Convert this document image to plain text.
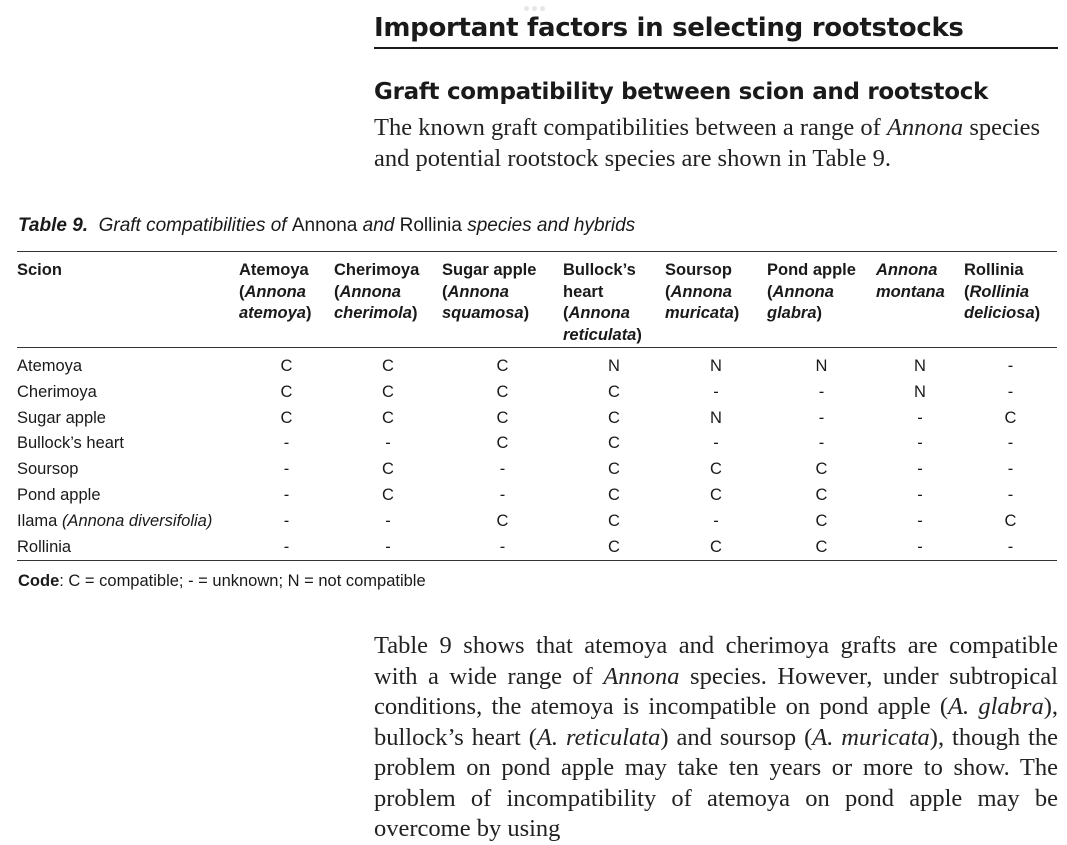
Important factors in selecting rootstocks
Graft compatibility between scion and rootstock

The known graft compatibilities between a range of Annona species and potential rootstock species are shown in Table 9.

Table 9. Graft compatibilities of Annona and Rollinia species and hybrids

Scion	Atemoya (Annona atemoya)	Cherimoya (Annona cherimola)	Sugar apple (Annona squamosa)	Bullock’s heart (Annona reticulata)	Soursop (Annona muricata)	Pond apple (Annona glabra)	Annona montana	Rollinia (Rollinia deliciosa)

Atemoya	C	C	C	N	N	N	N	-
Cherimoya	C	C	C	C	-	-	N	-
Sugar apple	C	C	C	C	N	-	-	C
Bullock’s heart	-	-	C	C	-	-	-	-
Soursop	-	C	-	C	C	C	-	-
Pond apple	-	C	-	C	C	C	-	-
Ilama (Annona diversifolia)	-	-	C	C	-	C	-	C
Rollinia	-	-	-	C	C	C	-	-

Code: C = compatible; - = unknown; N = not compatible

Table 9 shows that atemoya and cherimoya grafts are compatible with a wide range of Annona species. However, under subtropical conditions, the atemoya is incompatible on pond apple (A. glabra), bullock’s heart (A. reticulata) and soursop (A. muricata), though the problem on pond apple may take ten years or more to show. The problem of incompatibility of atemoya on pond apple may be overcome by using
